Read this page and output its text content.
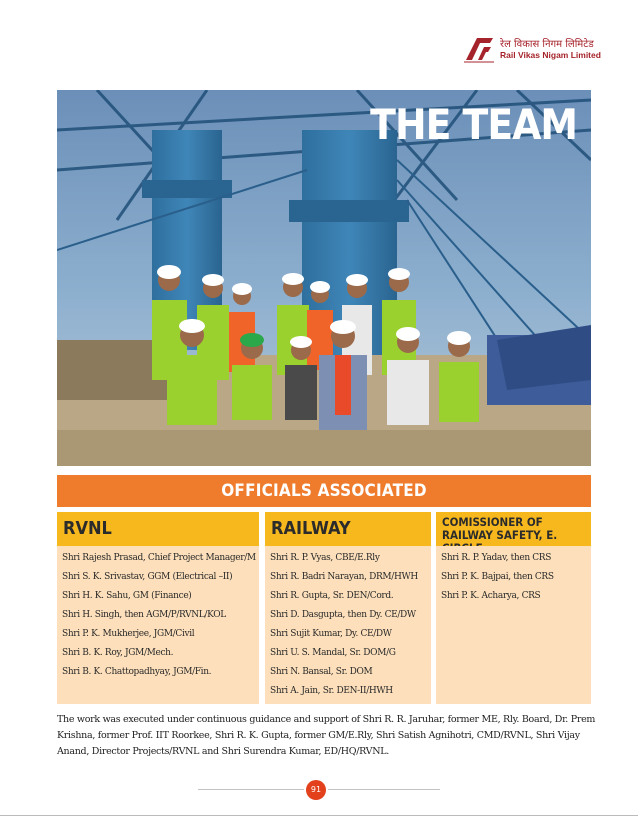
रेल विकास निगम लिमिटेड
Rail Vikas Nigam Limited
THE TEAM
OFFICIALS ASSOCIATED
RVNL	RAILWAY	COMISSIONER OF
RAILWAY SAFETY, E.
Shri Rajesh Prasad, Chief Project Manager/M
Shri S. K. Srivastav, GGM (Electrical –II)
Shri H. K. Sahu, GM (Finance)
Shri H. Singh, then AGM/P/RVNL/KOL
Shri P. K. Mukherjee, JGM/Civil
Shri B. K. Roy, JGM/Mech.
Shri B. K. Chattopadhyay, JGM/Fin.
Shri R. P. Vyas, CBE/E.Rly
Shri R. Badri Narayan, DRM/HWH
Shri R. Gupta, Sr. DEN/Cord.
Shri D. Dasgupta, then Dy. CE/DW
Shri Sujit Kumar, Dy. CE/DW
Shri U. S. Mandal, Sr. DOM/G
Shri N. Bansal, Sr. DOM
Shri A. Jain, Sr. DEN-II/HWH
Shri R. P. Yadav, then CRS
Shri P. K. Bajpai, then CRS
Shri P. K. Acharya, CRS

The work was executed under continuous guidance and support of Shri R. R. Jaruhar, former ME, Rly. Board, Dr. Prem Krishna, former Prof. IIT Roorkee, Shri R. K. Gupta, former GM/E.Rly, Shri Satish Agnihotri, CMD/RVNL, Shri Vijay Anand, Director Projects/RVNL and Shri Surendra Kumar, ED/HQ/RVNL.

91
